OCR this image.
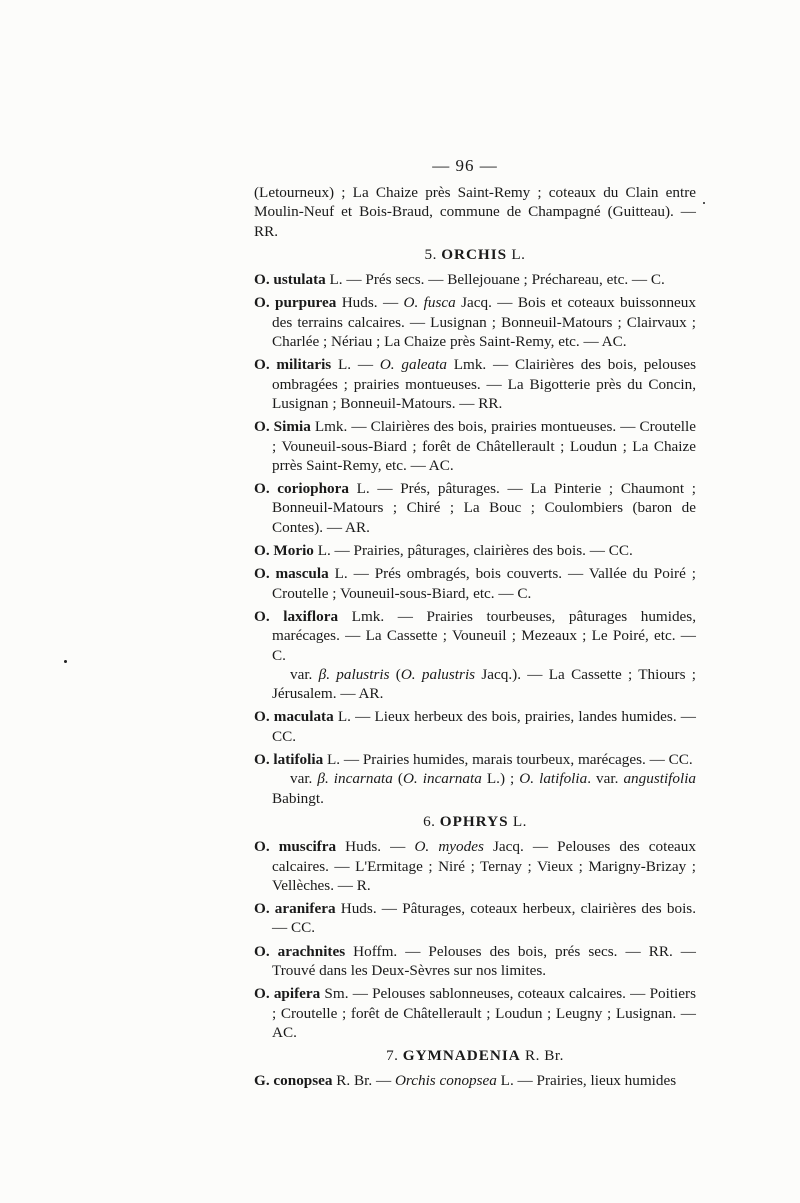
— 96 —

(Letourneux) ; La Chaize près Saint-Remy ; coteaux du Clain entre Moulin-Neuf et Bois-Braud, commune de Champagné (Guitteau). — RR.

5. ORCHIS L.

O. ustulata L. — Prés secs. — Bellejouane ; Préchareau, etc. — C.

O. purpurea Huds. — O. fusca Jacq. — Bois et coteaux buissonneux des terrains calcaires. — Lusignan ; Bonneuil-Matours ; Clairvaux ; Charlée ; Nériau ; La Chaize près Saint-Remy, etc. — AC.

O. militaris L. — O. galeata Lmk. — Clairières des bois, pelouses ombragées ; prairies montueuses. — La Bigotterie près du Concin, Lusignan ; Bonneuil-Matours. — RR.

O. Simia Lmk. — Clairières des bois, prairies montueuses. — Croutelle ; Vouneuil-sous-Biard ; forêt de Châtellerault ; Loudun ; La Chaize prrès Saint-Remy, etc. — AC.

O. coriophora L. — Prés, pâturages. — La Pinterie ; Chaumont ; Bonneuil-Matours ; Chiré ; La Bouc ; Coulombiers (baron de Contes). — AR.

O. Morio L. — Prairies, pâturages, clairières des bois. — CC.

O. mascula L. — Prés ombragés, bois couverts. — Vallée du Poiré ; Croutelle ; Vouneuil-sous-Biard, etc. — C.

O. laxiflora Lmk. — Prairies tourbeuses, pâturages humides, marécages. — La Cassette ; Vouneuil ; Mezeaux ; Le Poiré, etc. — C.

var. β. palustris (O. palustris Jacq.). — La Cassette ; Thiours ; Jérusalem. — AR.

O. maculata L. — Lieux herbeux des bois, prairies, landes humides. — CC.

O. latifolia L. — Prairies humides, marais tourbeux, marécages. — CC.

var. β. incarnata (O. incarnata L.) ; O. latifolia. var. angustifolia Babingt.

6. OPHRYS L.

O. muscifra Huds. — O. myodes Jacq. — Pelouses des coteaux calcaires. — L'Ermitage ; Niré ; Ternay ; Vieux ; Marigny-Brizay ; Vellèches. — R.

O. aranifera Huds. — Pâturages, coteaux herbeux, clairières des bois. — CC.

O. arachnites Hoffm. — Pelouses des bois, prés secs. — RR. — Trouvé dans les Deux-Sèvres sur nos limites.

O. apifera Sm. — Pelouses sablonneuses, coteaux calcaires. — Poitiers ; Croutelle ; forêt de Châtellerault ; Loudun ; Leugny ; Lusignan. — AC.

7. GYMNADENIA R. Br.

G. conopsea R. Br. — Orchis conopsea L. — Prairies, lieux humides
